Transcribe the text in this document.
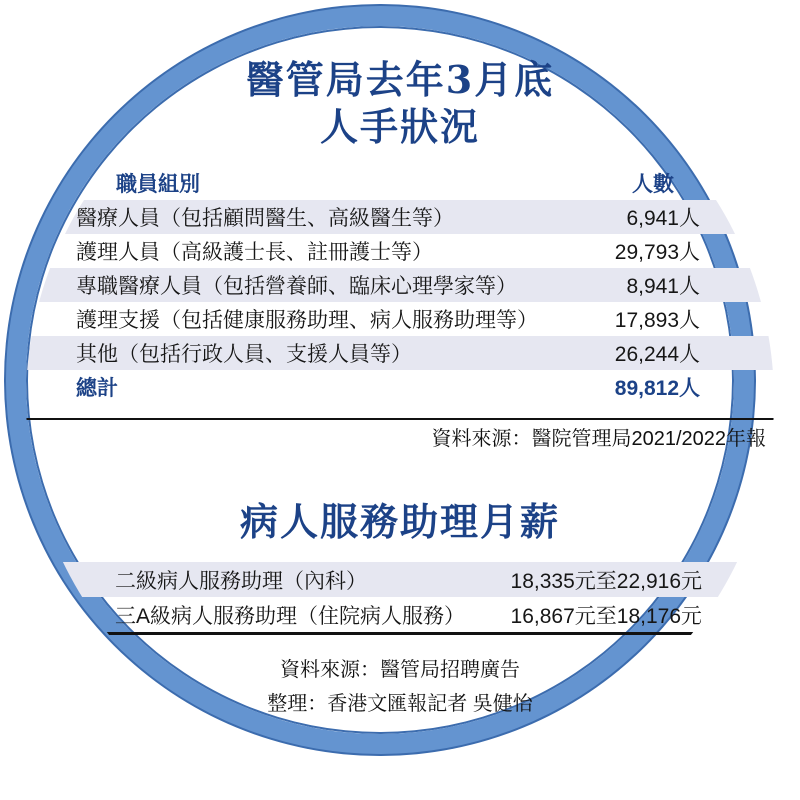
醫管局去年3月底
人手狀況
職員組別	人數
醫療人員（包括顧問醫生、高級醫生等）	6,941人
護理人員（高級護士長、註冊護士等）	29,793人
專職醫療人員（包括營養師、臨床心理學家等）	8,941人
護理支援（包括健康服務助理、病人服務助理等）	17,893人
其他（包括行政人員、支援人員等）	26,244人
總計	89,812人
資料來源：醫院管理局2021/2022年報
病人服務助理月薪
二級病人服務助理（內科）	18,335元至22,916元
三A級病人服務助理（住院病人服務） 16,867元至18,176元
資料來源：醫管局招聘廣告
整理：香港文匯報記者 吳健怡
